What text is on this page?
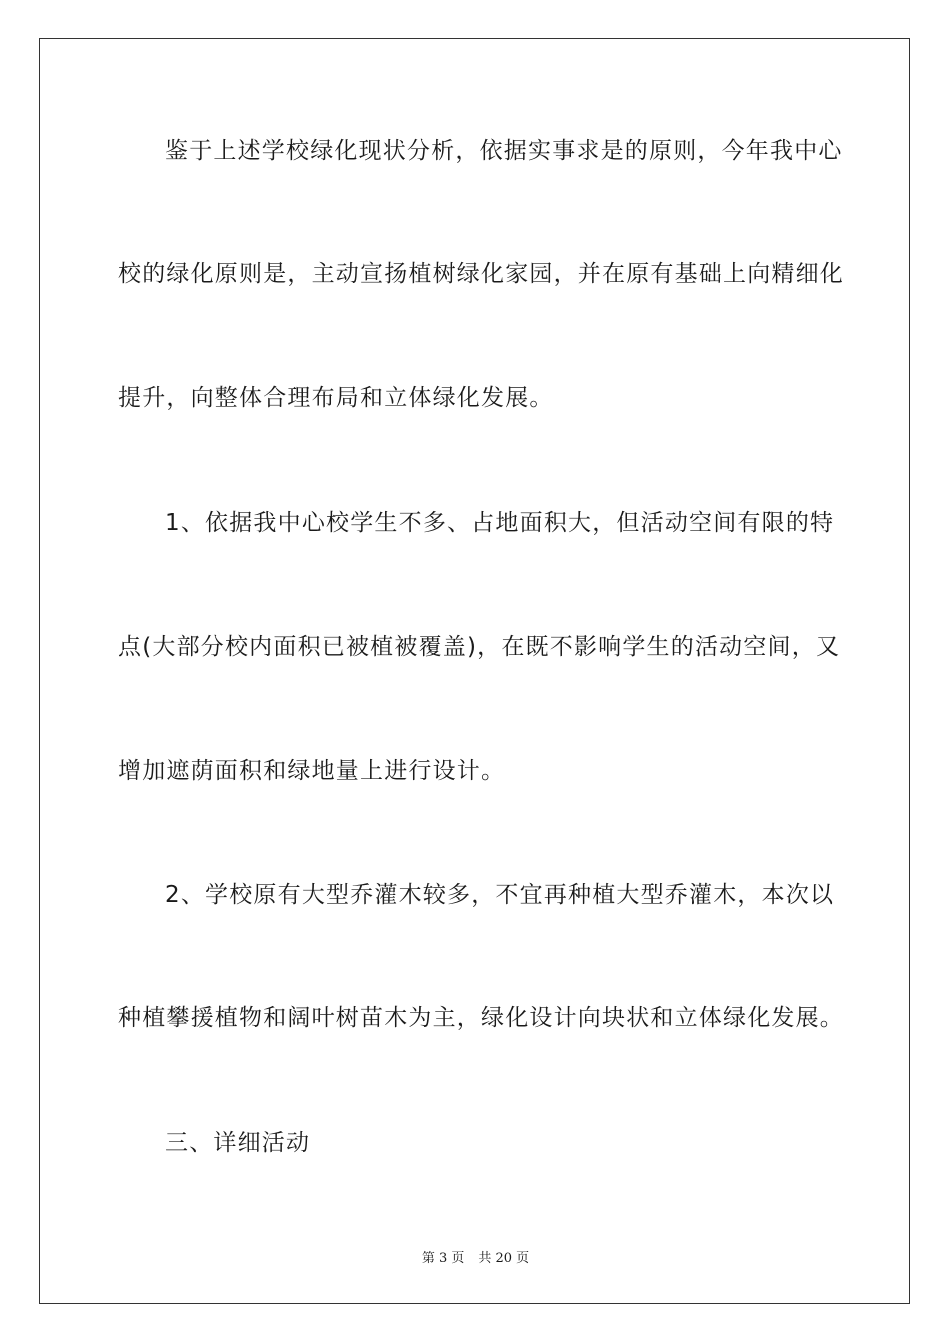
鉴于上述学校绿化现状分析，依据实事求是的原则，今年我中心
校的绿化原则是，主动宣扬植树绿化家园，并在原有基础上向精细化
提升，向整体合理布局和立体绿化发展。
1、依据我中心校学生不多、占地面积大，但活动空间有限的特
点(大部分校内面积已被植被覆盖)，在既不影响学生的活动空间，又
增加遮荫面积和绿地量上进行设计。
2、学校原有大型乔灌木较多，不宜再种植大型乔灌木，本次以
种植攀援植物和阔叶树苗木为主，绿化设计向块状和立体绿化发展。
三、详细活动
第 3 页 共 20 页
